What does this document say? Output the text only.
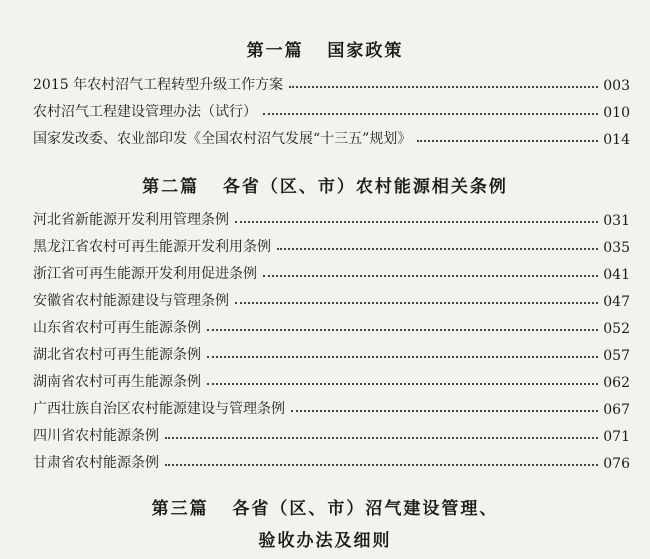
第一篇   国家政策
2015 年农村沼气工程转型升级工作方案	003
农村沼气工程建设管理办法（试行）	010
国家发改委、农业部印发《全国农村沼气发展“十三五”规划》	014
第二篇   各省（区、市）农村能源相关条例
河北省新能源开发利用管理条例	031
黑龙江省农村可再生能源开发利用条例	035
浙江省可再生能源开发利用促进条例	041
安徽省农村能源建设与管理条例	047
山东省农村可再生能源条例	052
湖北省农村可再生能源条例	057
湖南省农村可再生能源条例	062
广西壮族自治区农村能源建设与管理条例	067
四川省农村能源条例	071
甘肃省农村能源条例	076
第三篇   各省（区、市）沼气建设管理、
验收办法及细则
